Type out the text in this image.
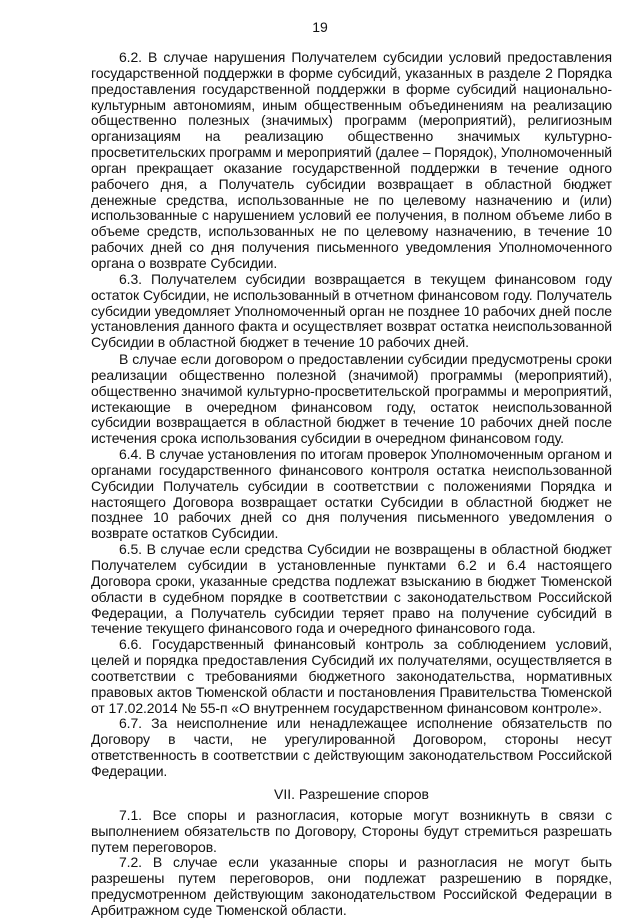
19

6.2. В случае нарушения Получателем субсидии условий предоставления государственной поддержки в форме субсидий, указанных в разделе 2 Порядка предоставления государственной поддержки в форме субсидий национально-культурным автономиям, иным общественным объединениям на реализацию общественно полезных (значимых) программ (мероприятий), религиозным организациям на реализацию общественно значимых культурно-просветительских программ и мероприятий (далее – Порядок), Уполномоченный орган прекращает оказание государственной поддержки в течение одного рабочего дня, а Получатель субсидии возвращает в областной бюджет денежные средства, использованные не по целевому назначению и (или) использованные с нарушением условий ее получения, в полном объеме либо в объеме средств, использованных не по целевому назначению, в течение 10 рабочих дней со дня получения письменного уведомления Уполномоченного органа о возврате Субсидии.

6.3. Получателем субсидии возвращается в текущем финансовом году остаток Субсидии, не использованный в отчетном финансовом году. Получатель субсидии уведомляет Уполномоченный орган не позднее 10 рабочих дней после установления данного факта и осуществляет возврат остатка неиспользованной Субсидии в областной бюджет в течение 10 рабочих дней.

В случае если договором о предоставлении субсидии предусмотрены сроки реализации общественно полезной (значимой) программы (мероприятий), общественно значимой культурно-просветительской программы и мероприятий, истекающие в очередном финансовом году, остаток неиспользованной субсидии возвращается в областной бюджет в течение 10 рабочих дней после истечения срока использования субсидии в очередном финансовом году.

6.4. В случае установления по итогам проверок Уполномоченным органом и органами государственного финансового контроля остатка неиспользованной Субсидии Получатель субсидии в соответствии с положениями Порядка и настоящего Договора возвращает остатки Субсидии в областной бюджет не позднее 10 рабочих дней со дня получения письменного уведомления о возврате остатков Субсидии.

6.5. В случае если средства Субсидии не возвращены в областной бюджет Получателем субсидии в установленные пунктами 6.2 и 6.4 настоящего Договора сроки, указанные средства подлежат взысканию в бюджет Тюменской области в судебном порядке в соответствии с законодательством Российской Федерации, а Получатель субсидии теряет право на получение субсидий в течение текущего финансового года и очередного финансового года.

6.6. Государственный финансовый контроль за соблюдением условий, целей и порядка предоставления Субсидий их получателями, осуществляется в соответствии с требованиями бюджетного законодательства, нормативных правовых актов Тюменской области и постановления Правительства Тюменской от 17.02.2014 № 55-п «О внутреннем государственном финансовом контроле».

6.7. За неисполнение или ненадлежащее исполнение обязательств по Договору в части, не урегулированной Договором, стороны несут ответственность в соответствии с действующим законодательством Российской Федерации.

VII. Разрешение споров

7.1. Все споры и разногласия, которые могут возникнуть в связи с выполнением обязательств по Договору, Стороны будут стремиться разрешать путем переговоров.

7.2. В случае если указанные споры и разногласия не могут быть разрешены путем переговоров, они подлежат разрешению в порядке, предусмотренном действующим законодательством Российской Федерации в Арбитражном суде Тюменской области.
